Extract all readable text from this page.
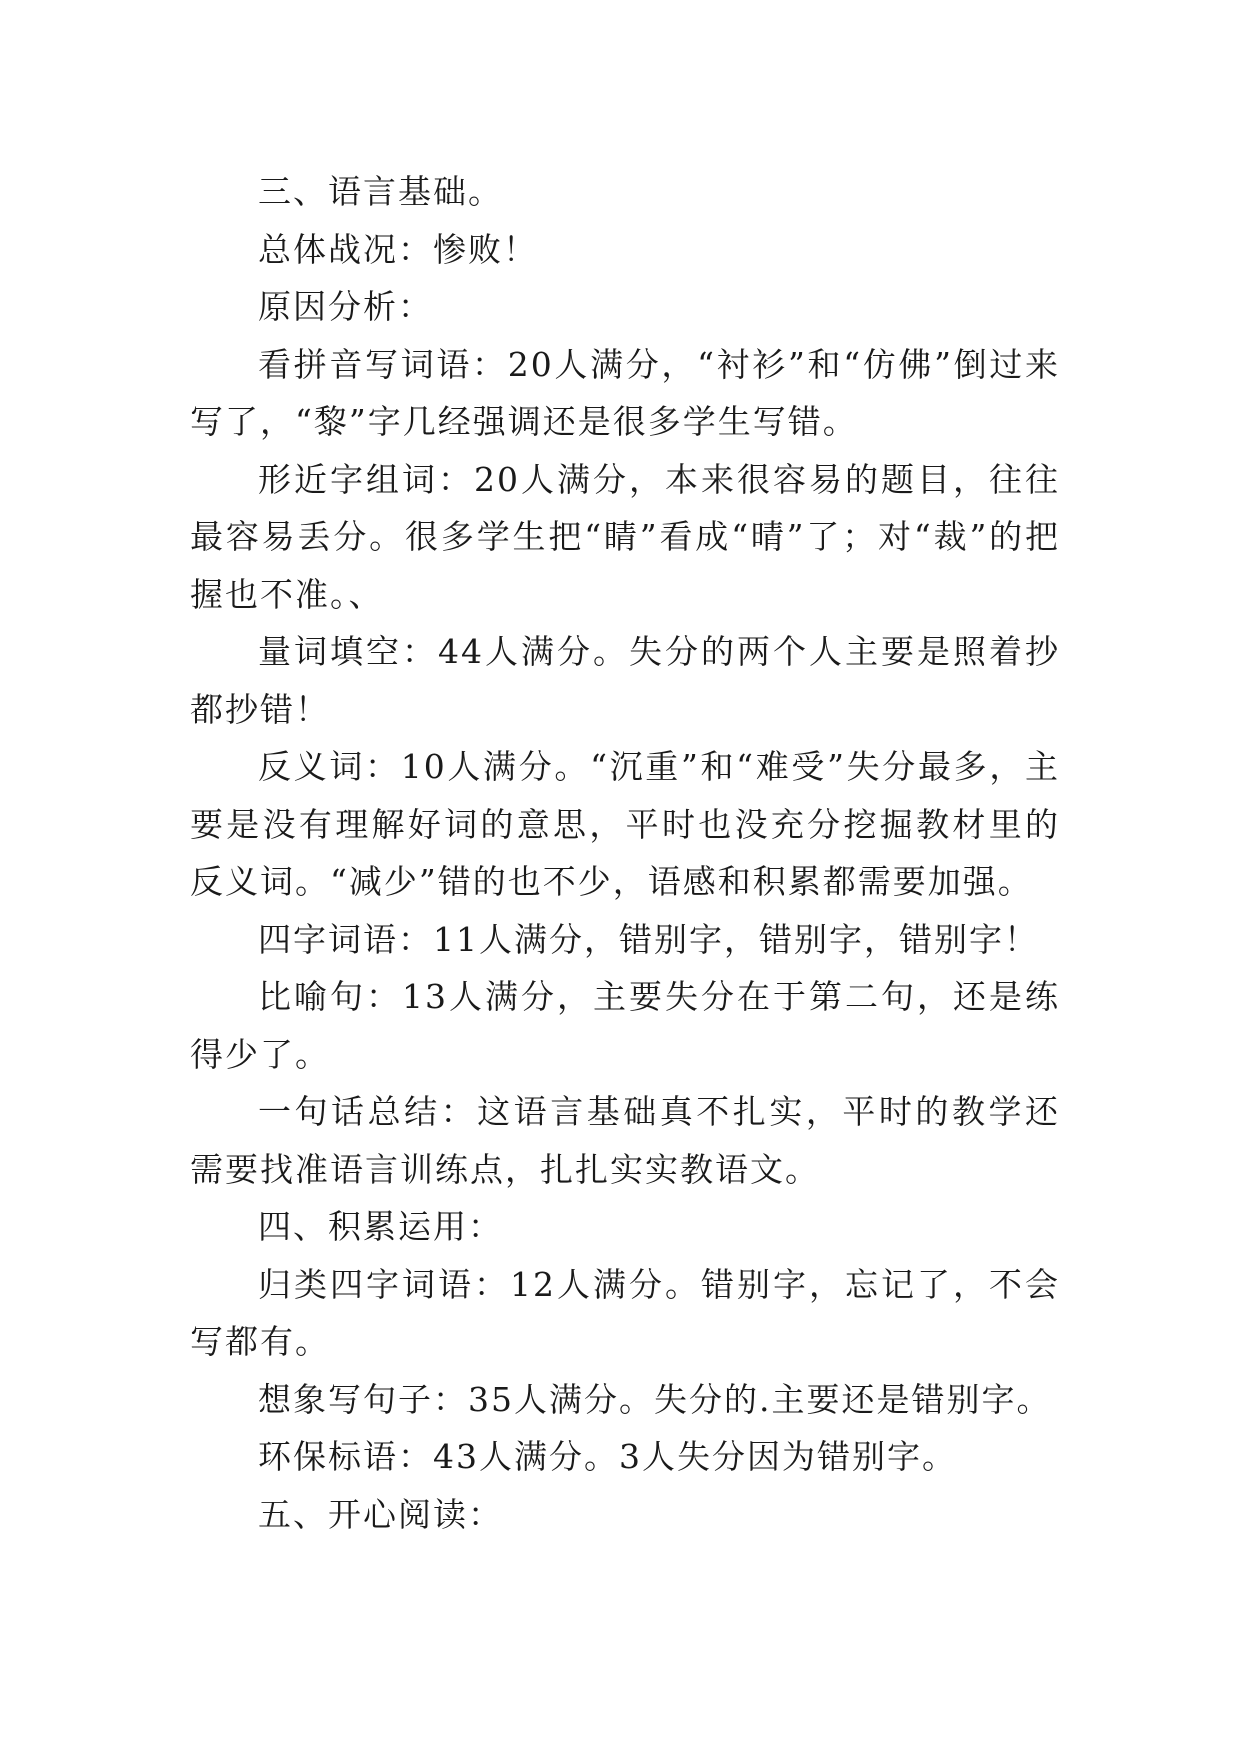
三、语言基础。

总体战况：惨败！

原因分析：

看拼音写词语：20人满分，“衬衫”和“仿佛”倒过来写了，“黎”字几经强调还是很多学生写错。

形近字组词：20人满分，本来很容易的题目，往往最容易丢分。很多学生把“睛”看成“晴”了；对“裁”的把握也不准。、

量词填空：44人满分。失分的两个人主要是照着抄都抄错！

反义词：10人满分。“沉重”和“难受”失分最多，主要是没有理解好词的意思，平时也没充分挖掘教材里的反义词。“减少”错的也不少，语感和积累都需要加强。

四字词语：11人满分，错别字，错别字，错别字！

比喻句：13人满分，主要失分在于第二句，还是练得少了。

一句话总结：这语言基础真不扎实，平时的教学还需要找准语言训练点，扎扎实实教语文。

四、积累运用：

归类四字词语：12人满分。错别字，忘记了，不会写都有。

想象写句子：35人满分。失分的.主要还是错别字。

环保标语：43人满分。3人失分因为错别字。

五、开心阅读：
